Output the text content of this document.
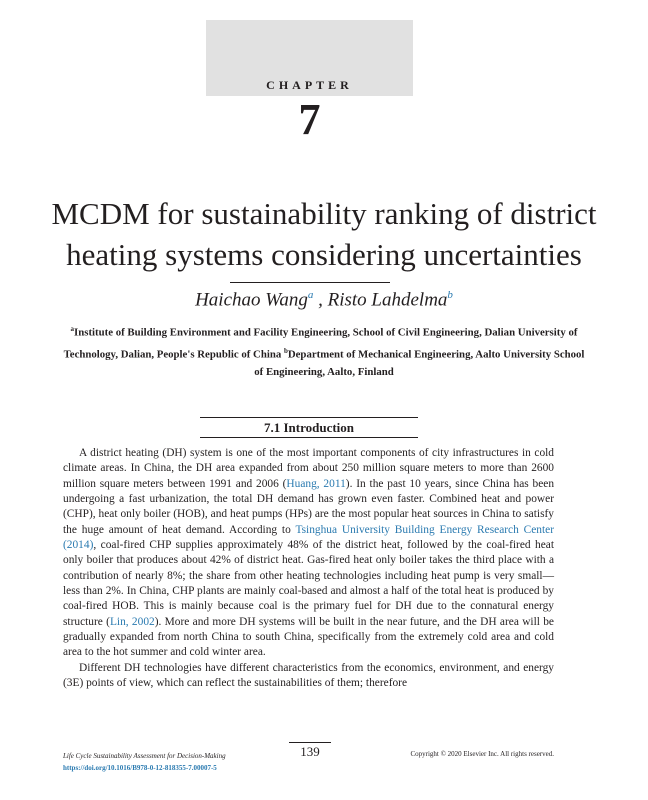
CHAPTER
7
MCDM for sustainability ranking of district heating systems considering uncertainties
Haichao Wang$^a$ , Risto Lahdelma$^b$
$^a$Institute of Building Environment and Facility Engineering, School of Civil Engineering, Dalian University of Technology, Dalian, People's Republic of China $^b$Department of Mechanical Engineering, Aalto University School of Engineering, Aalto, Finland
7.1 Introduction

A district heating (DH) system is one of the most important components of city infrastructures in cold climate areas. In China, the DH area expanded from about 250 million square meters to more than 2600 million square meters between 1991 and 2006 (Huang, 2011). In the past 10 years, since China has been undergoing a fast urbanization, the total DH demand has grown even faster. Combined heat and power (CHP), heat only boiler (HOB), and heat pumps (HPs) are the most popular heat sources in China to satisfy the huge amount of heat demand. According to Tsinghua University Building Energy Research Center (2014), coal-fired CHP supplies approximately 48% of the district heat, followed by the coal-fired heat only boiler that produces about 42% of district heat. Gas-fired heat only boiler takes the third place with a contribution of nearly 8%; the share from other heating technologies including heat pump is very small—less than 2%. In China, CHP plants are mainly coal-based and almost a half of the total heat is produced by coal-fired HOB. This is mainly because coal is the primary fuel for DH due to the connatural energy structure (Lin, 2002). More and more DH systems will be built in the near future, and the DH area will be gradually expanded from north China to south China, specifically from the extremely cold area and cold area to the hot summer and cold winter area.

Different DH technologies have different characteristics from the economics, environment, and energy (3E) points of view, which can reflect the sustainabilities of them; therefore

139
Life Cycle Sustainability Assessment for Decision-Making
https://doi.org/10.1016/B978-0-12-818355-7.00007-5
Copyright © 2020 Elsevier Inc. All rights reserved.
